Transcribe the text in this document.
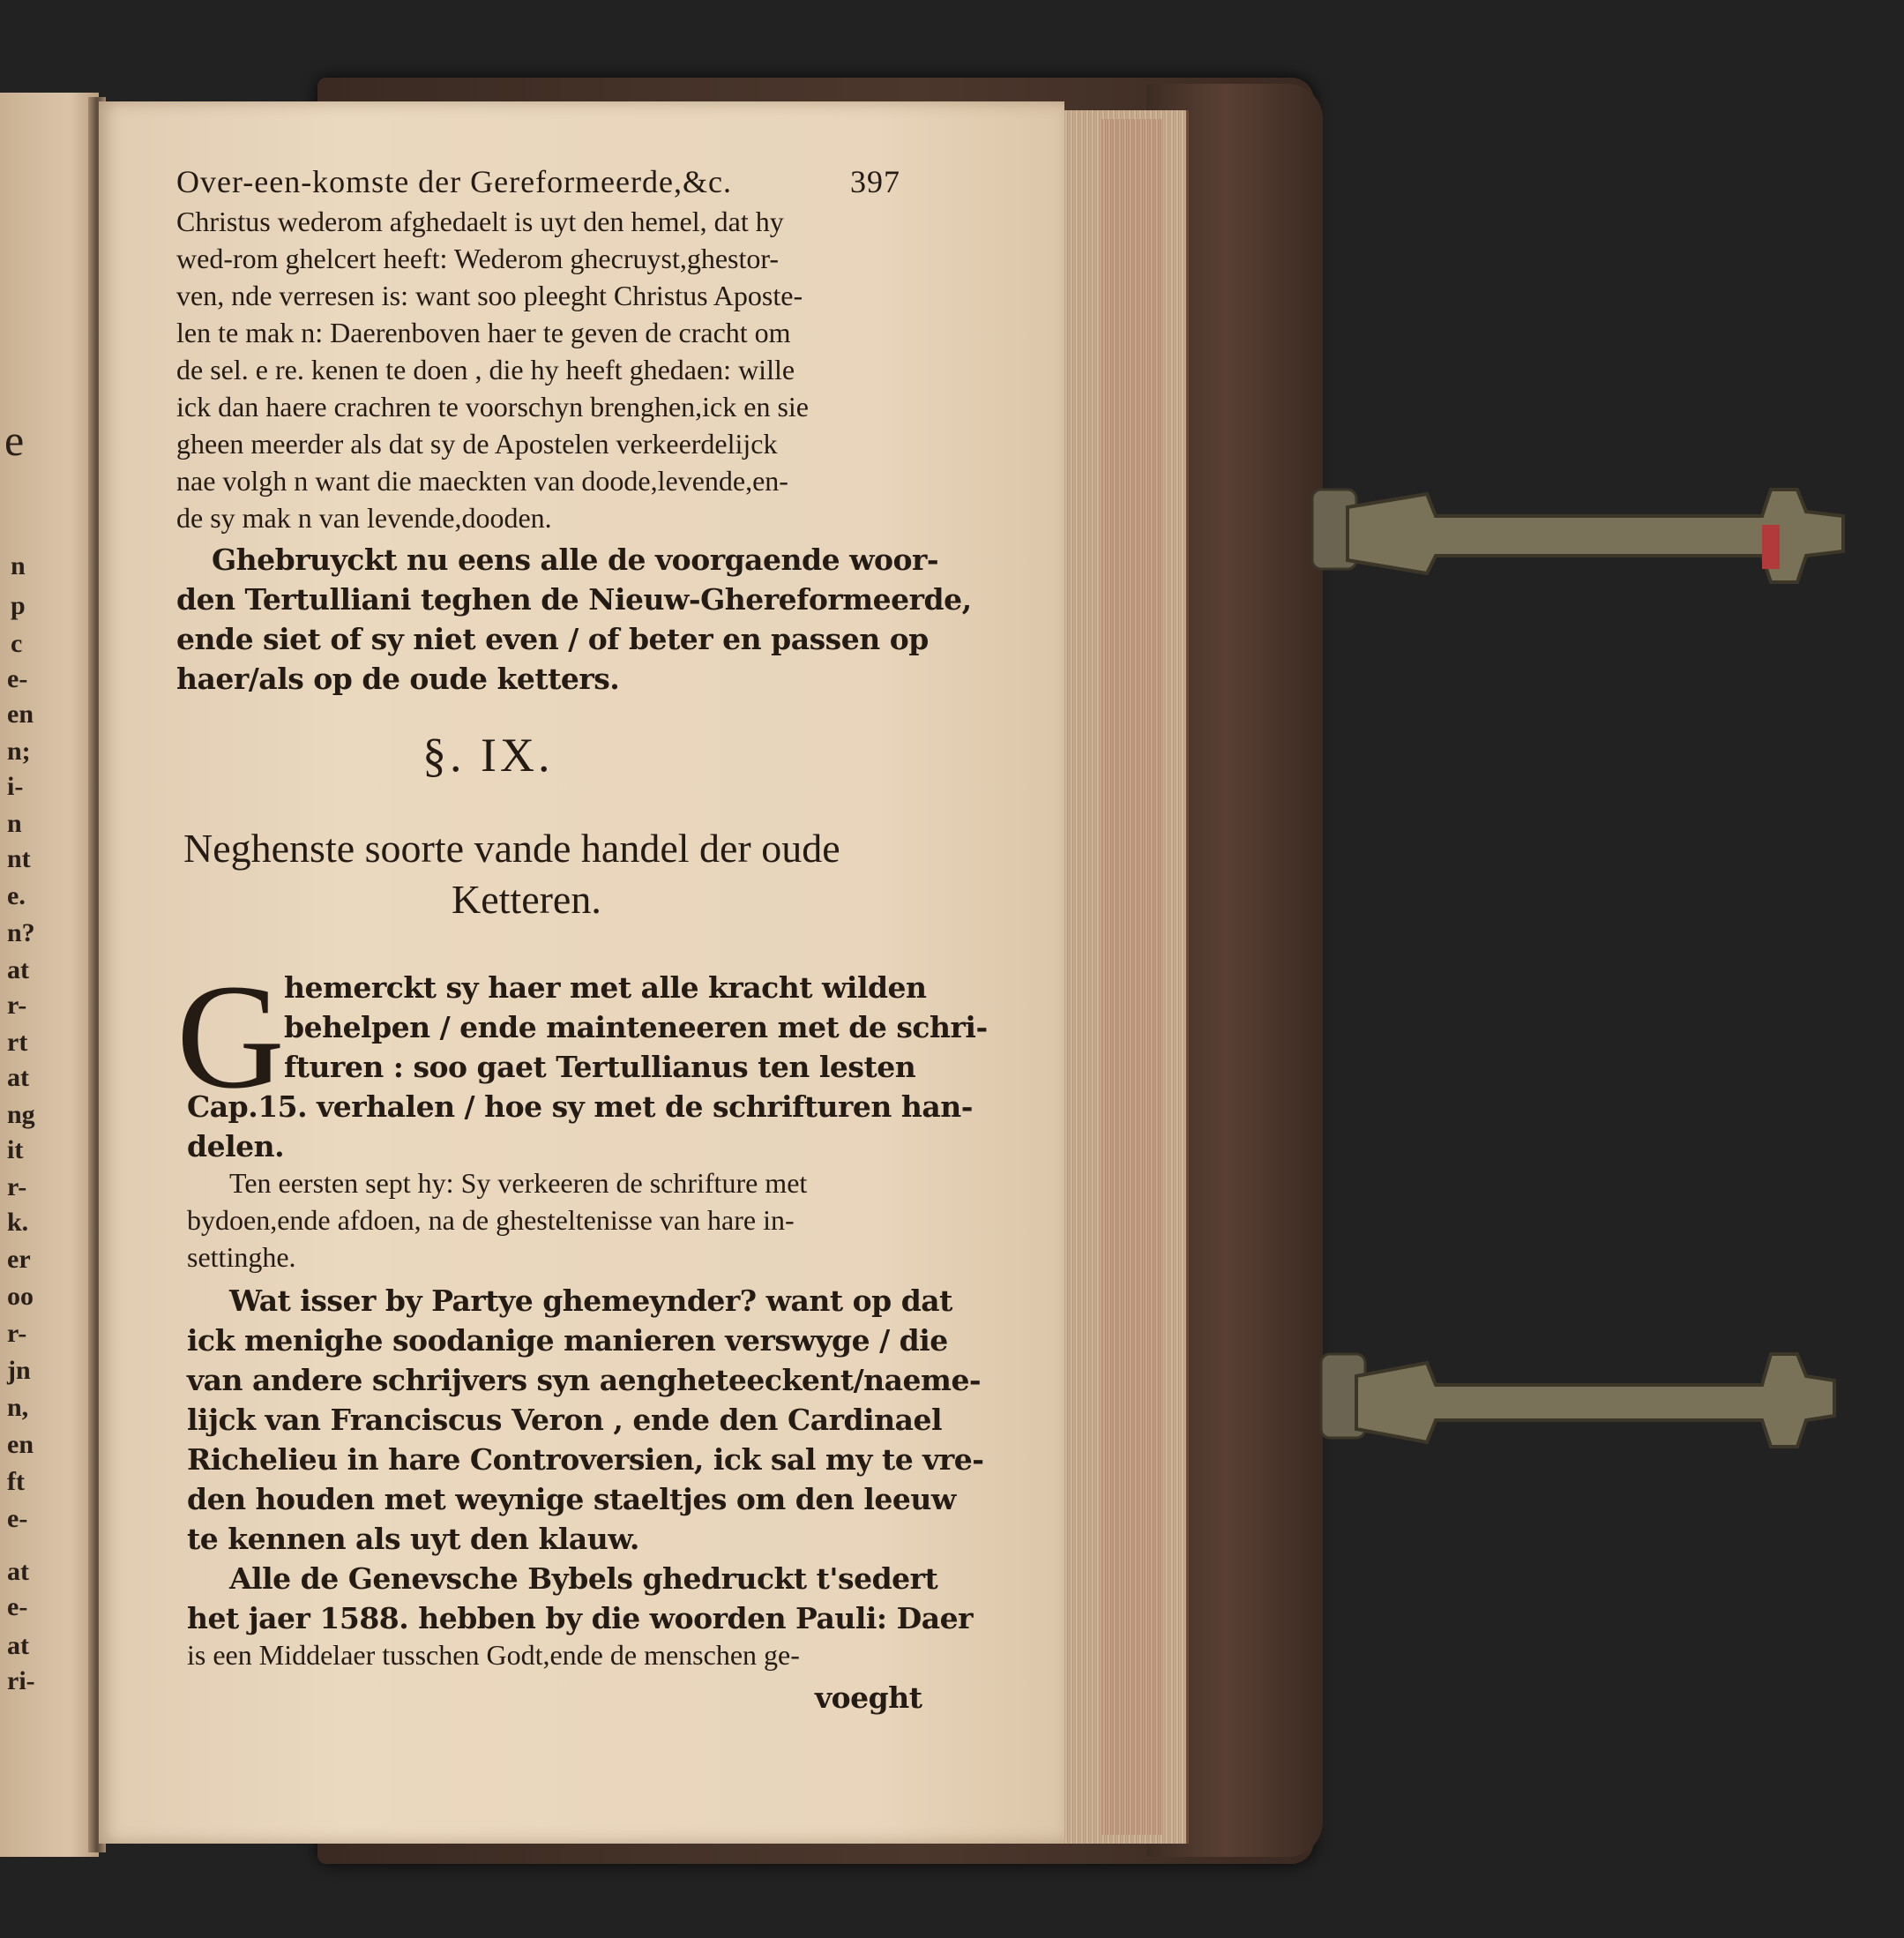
e
n
p
c
e-
en
n;
i-
n
nt
e.
n?
at
r-
rt
at
ng
it
r-
k.
er
oo
r-
jn
n,
en
ft
e-
at
e-
at
ri-
Over-een-komste der Gereformeerde,&c.	397
Christus wederom afghedaelt is uyt den hemel, dat hy
wed-rom ghelcert heeft: Wederom ghecruyst,ghestor-
ven, nde verresen is: want soo pleeght Christus Aposte-
len te mak n: Daerenboven haer te geven de cracht om
de sel. e re. kenen te doen , die hy heeft ghedaen: wille
ick dan haere crachren te voorschyn brenghen,ick en sie
gheen meerder als dat sy de Apostelen verkeerdelijck
nae volgh n want die maeckten van doode,levende,en-
de sy mak n van levende,dooden.
Ghebruyckt nu eens alle de voorgaende woor-
den Tertulliani teghen de Nieuw-Ghereformeerde,
ende siet of sy niet even / of beter en passen op
haer/als op de oude ketters.
§. IX.
Neghenste soorte vande handel der oude
Ketteren.
G hemerckt sy haer met alle kracht wilden
behelpen / ende mainteneeren met de schri-
fturen : soo gaet Tertullianus ten lesten
Cap.15. verhalen / hoe sy met de schrifturen han-
delen.
Ten eersten sept hy: Sy verkeeren de schrifture met
bydoen,ende afdoen, na de ghesteltenisse van hare in-
settinghe.
Wat isser by Partye ghemeynder? want op dat
ick menighe soodanige manieren verswyge / die
van andere schrijvers syn aengheteeckent/naeme-
lijck van Franciscus Veron , ende den Cardinael
Richelieu in hare Controversien, ick sal my te vre-
den houden met weynige staeltjes om den leeuw
te kennen als uyt den klauw.
Alle de Genevsche Bybels ghedruckt t'sedert
het jaer 1588. hebben by die woorden Pauli: Daer
is een Middelaer tusschen Godt,ende de menschen ge-
voeght
